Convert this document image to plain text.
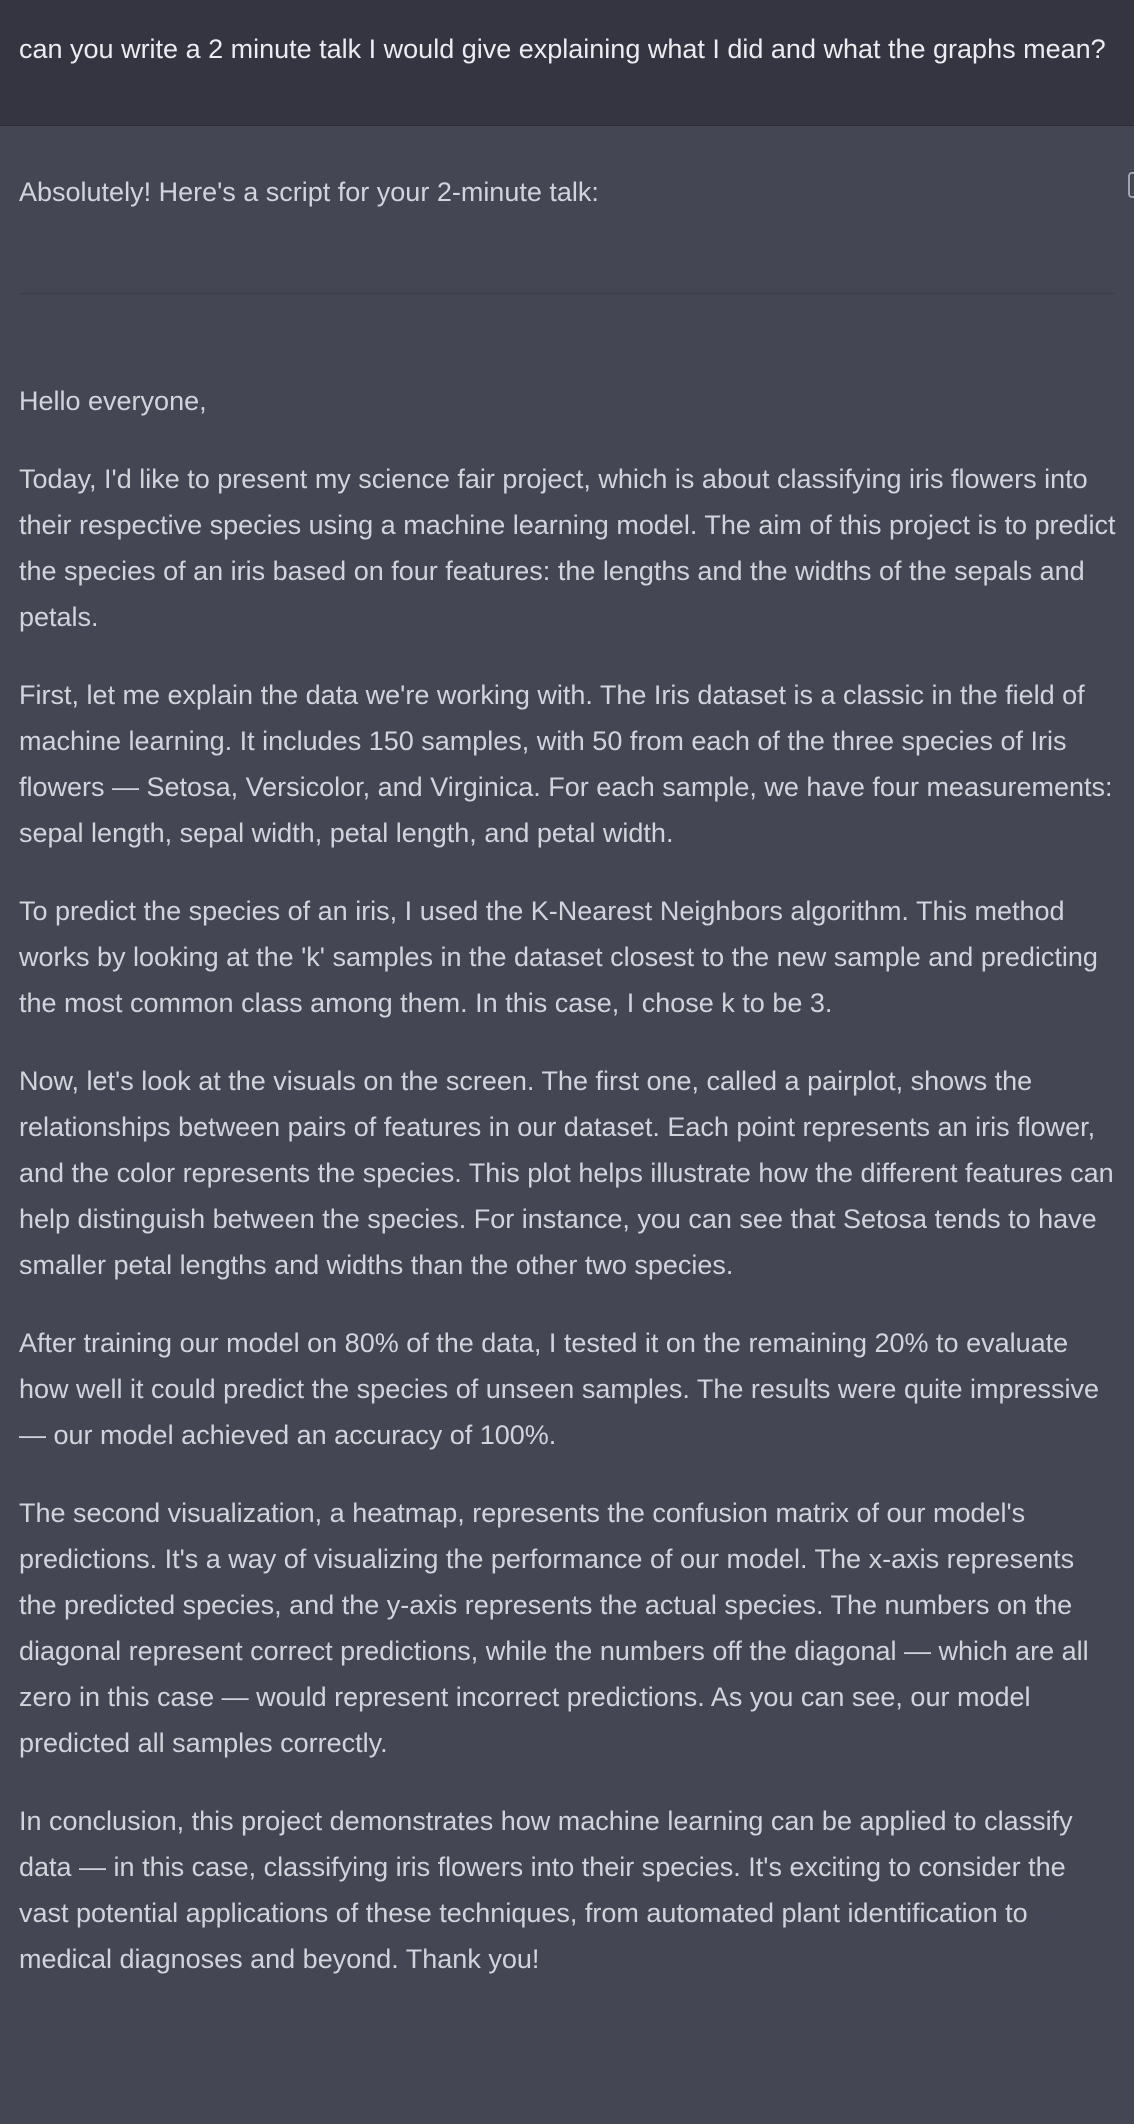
can you write a 2 minute talk I would give explaining what I did and what the graphs mean?
Absolutely! Here's a script for your 2-minute talk:

Hello everyone,

Today, I'd like to present my science fair project, which is about classifying iris flowers into their respective species using a machine learning model. The aim of this project is to predict the species of an iris based on four features: the lengths and the widths of the sepals and petals.

First, let me explain the data we're working with. The Iris dataset is a classic in the field of machine learning. It includes 150 samples, with 50 from each of the three species of Iris flowers — Setosa, Versicolor, and Virginica. For each sample, we have four measurements: sepal length, sepal width, petal length, and petal width.

To predict the species of an iris, I used the K-Nearest Neighbors algorithm. This method works by looking at the 'k' samples in the dataset closest to the new sample and predicting the most common class among them. In this case, I chose k to be 3.

Now, let's look at the visuals on the screen. The first one, called a pairplot, shows the relationships between pairs of features in our dataset. Each point represents an iris flower, and the color represents the species. This plot helps illustrate how the different features can help distinguish between the species. For instance, you can see that Setosa tends to have smaller petal lengths and widths than the other two species.

After training our model on 80% of the data, I tested it on the remaining 20% to evaluate how well it could predict the species of unseen samples. The results were quite impressive — our model achieved an accuracy of 100%.

The second visualization, a heatmap, represents the confusion matrix of our model's predictions. It's a way of visualizing the performance of our model. The x-axis represents the predicted species, and the y-axis represents the actual species. The numbers on the diagonal represent correct predictions, while the numbers off the diagonal — which are all zero in this case — would represent incorrect predictions. As you can see, our model predicted all samples correctly.

In conclusion, this project demonstrates how machine learning can be applied to classify data — in this case, classifying iris flowers into their species. It's exciting to consider the vast potential applications of these techniques, from automated plant identification to medical diagnoses and beyond. Thank you!
